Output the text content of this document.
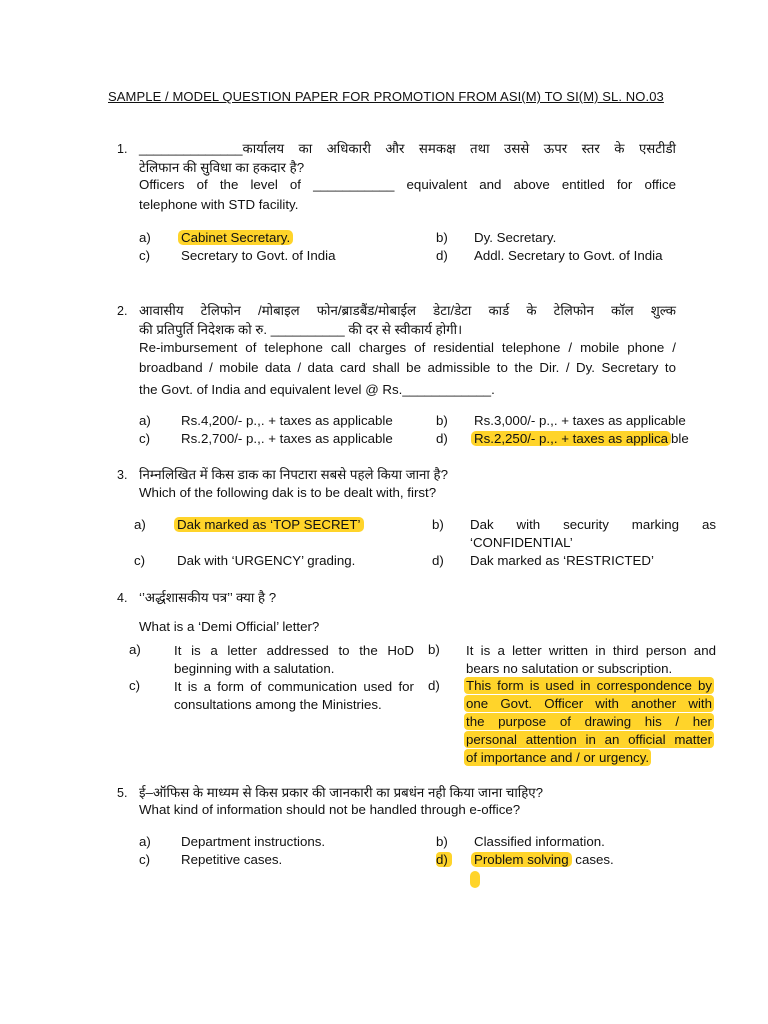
SAMPLE / MODEL QUESTION PAPER FOR PROMOTION FROM ASI(M) TO SI(M) SL. NO.03
1. ______________कार्यालय का अधिकारी और समकक्ष तथा उससे ऊपर स्तर के एसटीडी
टेलिफान की सुविधा का हकदार है?
Officers of the level of ___________ equivalent and above entitled for office
telephone with STD facility.
a) Cabinet Secretary.	b) Dy. Secretary.
c) Secretary to Govt. of India	d) Addl. Secretary to Govt. of India
2. आवासीय टेलिफोन /मोबाइल फोन/ब्राडबैंड/मोबाईल डेटा/डेटा कार्ड के टेलिफोन कॉल शुल्क
की प्रतिपुर्ति निदेशक को रु. __________ की दर से स्वीकार्य होगी।
Re-imbursement of telephone call charges of residential telephone / mobile phone /
broadband / mobile data / data card shall be admissible to the Dir. / Dy. Secretary to
the Govt. of India and equivalent level @ Rs.____________.
a) Rs.4,200/- p.,. + taxes as applicable	b) Rs.3,000/- p.,. + taxes as applicable
c) Rs.2,700/- p.,. + taxes as applicable	d) Rs.2,250/- p.,. + taxes as applica ble
3. निम्नलिखित में किस डाक का निपटारा सबसे पहले किया जाना है?
Which of the following dak is to be dealt with, first?
a) Dak marked as ‘TOP SECRET’	b) Dak with security marking as
‘CONFIDENTIAL’
c) Dak with ‘URGENCY’ grading.	d) Dak marked as ‘RESTRICTED’
4. ‘’अर्द्धशासकीय पत्र’’ क्या है ?
What is a ‘Demi Official’ letter?
a) It is a letter addressed to the HoD beginning with a salutation.
b) It is a letter written in third person and bears no salutation or subscription.
c)	It is a form of communication used for consultations among the Ministries.
d) This form is used in correspondence by
one Govt. Officer with another with
the purpose of drawing his / her
personal attention in an official matter
of importance and / or urgency.
5. ई–ऑफिस के माध्यम से किस प्रकार की जानकारी का प्रबधंन नही किया जाना चाहिए?
What kind of information should not be handled through e-office?
a) Department instructions.	b) Classified information.
c) Repetitive cases.	d)	Problem solving cases.
